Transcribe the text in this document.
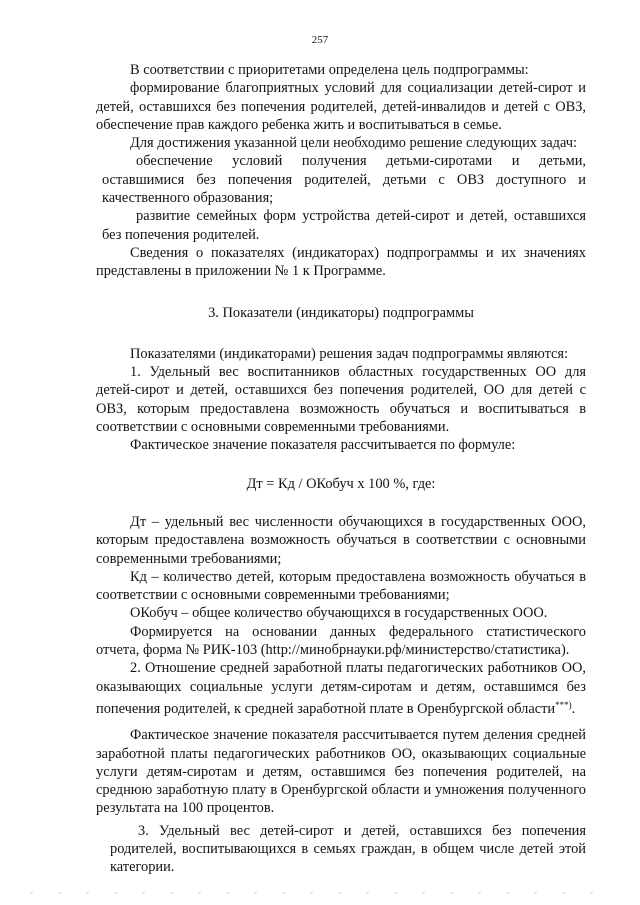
257

В соответствии с приоритетами определена цель подпрограммы:

формирование благоприятных условий для социализации детей-сирот и детей, оставшихся без попечения родителей, детей-инвалидов и детей с ОВЗ, обеспечение прав каждого ребенка жить и воспитываться в семье.

Для достижения указанной цели необходимо решение следующих задач:

обеспечение условий получения детьми-сиротами и детьми, оставшимися без попечения родителей, детьми с ОВЗ доступного и качественного образования;

развитие семейных форм устройства детей-сирот и детей, оставшихся без попечения родителей.

Сведения о показателях (индикаторах) подпрограммы и их значениях представлены в приложении № 1 к Программе.

3. Показатели (индикаторы) подпрограммы

Показателями (индикаторами) решения задач подпрограммы являются:

1. Удельный вес воспитанников областных государственных ОО для детей-сирот и детей, оставшихся без попечения родителей, ОО для детей с ОВЗ, которым предоставлена возможность обучаться и воспитываться в соответствии с основными современными требованиями.

Фактическое значение показателя рассчитывается по формуле:

Дт = Кд / ОКобуч x 100 %, где:

Дт – удельный вес численности обучающихся в государственных ООО, которым предоставлена возможность обучаться в соответствии с основными современными требованиями;

Кд – количество детей, которым предоставлена возможность обучаться в соответствии с основными современными требованиями;

ОКобуч – общее количество обучающихся в государственных ООО.

Формируется на основании данных федерального статистического отчета, форма № РИК-103 (http://минобрнауки.рф/министерство/статистика).

2. Отношение средней заработной платы педагогических работников ОО, оказывающих социальные услуги детям-сиротам и детям, оставшимся без попечения родителей, к средней заработной плате в Оренбургской области***).

Фактическое значение показателя рассчитывается путем деления средней заработной платы педагогических работников ОО, оказывающих социальные услуги детям-сиротам и детям, оставшимся без попечения родителей, на среднюю заработную плату в Оренбургской области и умножения полученного результата на 100 процентов.

3. Удельный вес детей-сирот и детей, оставшихся без попечения родителей, воспитывающихся в семьях граждан, в общем числе детей этой категории.
